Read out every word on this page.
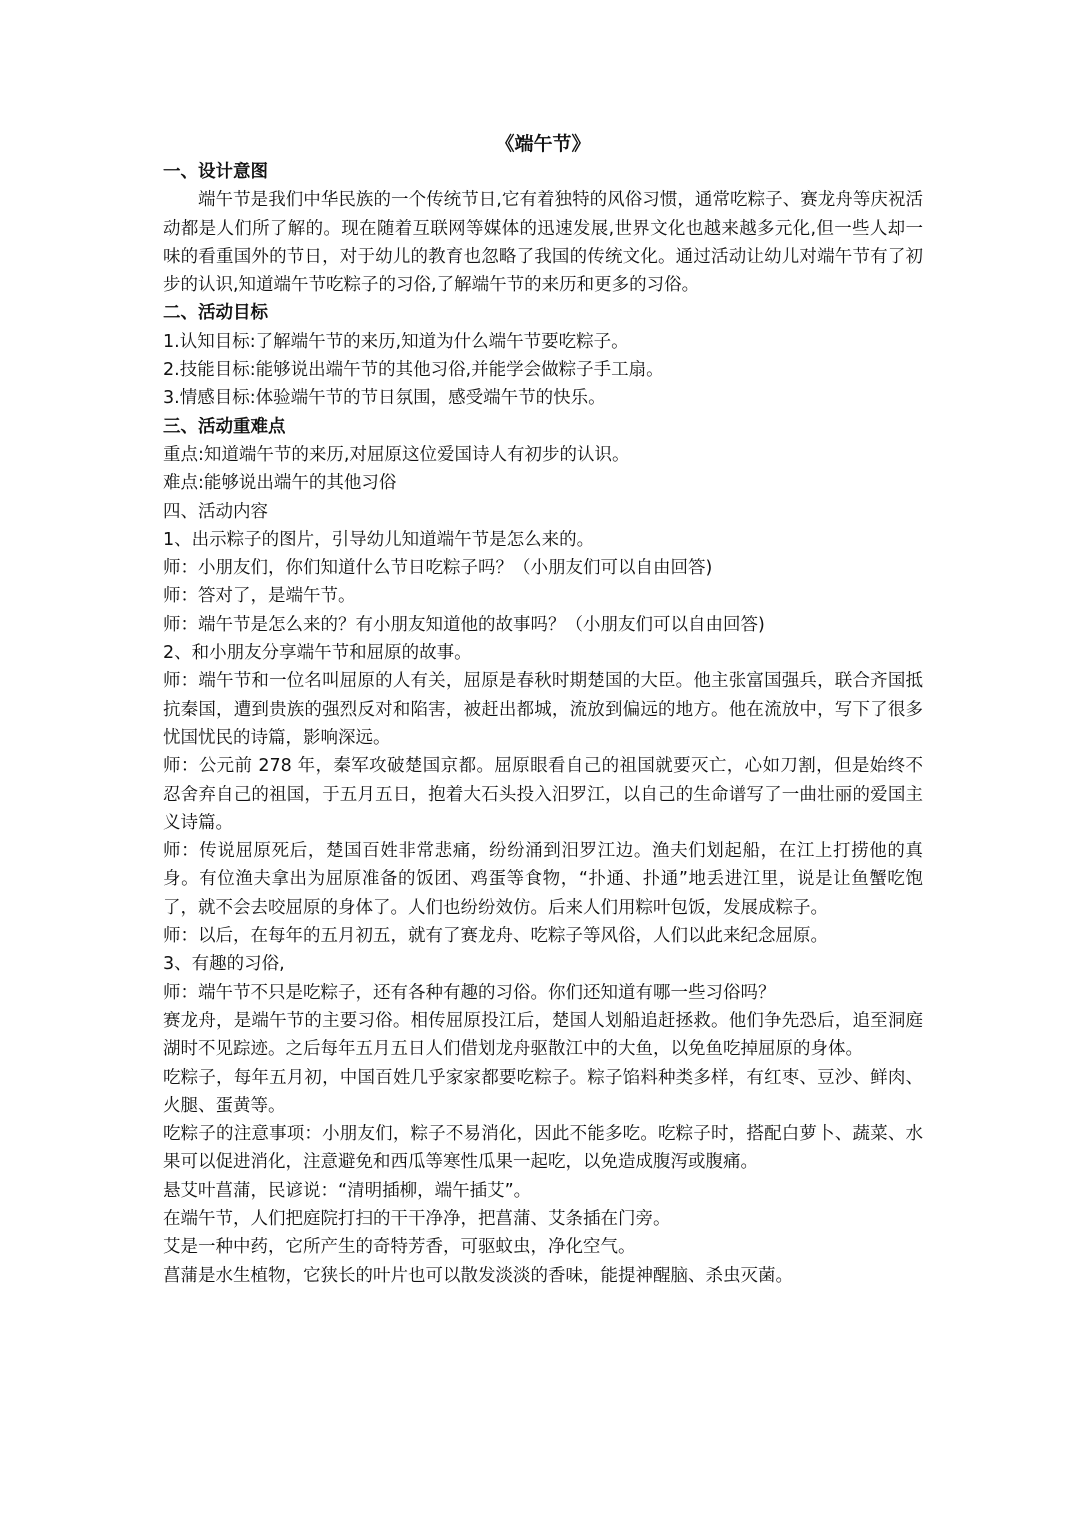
《端午节》
一、设计意图
端午节是我们中华民族的一个传统节日,它有着独特的风俗习惯，通常吃粽子、赛龙舟等庆祝活动都是人们所了解的。现在随着互联网等媒体的迅速发展,世界文化也越来越多元化,但一些人却一味的看重国外的节日，对于幼儿的教育也忽略了我国的传统文化。通过活动让幼儿对端午节有了初步的认识,知道端午节吃粽子的习俗,了解端午节的来历和更多的习俗。
二、活动目标
1.认知目标:了解端午节的来历,知道为什么端午节要吃粽子。
2.技能目标:能够说出端午节的其他习俗,并能学会做粽子手工扇。
3.情感目标:体验端午节的节日氛围，感受端午节的快乐。
三、活动重难点
重点:知道端午节的来历,对屈原这位爱国诗人有初步的认识。
难点:能够说出端午的其他习俗
四、活动内容
1、出示粽子的图片，引导幼儿知道端午节是怎么来的。
师：小朋友们，你们知道什么节日吃粽子吗？（小朋友们可以自由回答)
师：答对了，是端午节。
师：端午节是怎么来的？有小朋友知道他的故事吗？（小朋友们可以自由回答)
2、和小朋友分享端午节和屈原的故事。
师：端午节和一位名叫屈原的人有关，屈原是春秋时期楚国的大臣。他主张富国强兵，联合齐国抵抗秦国，遭到贵族的强烈反对和陷害，被赶出都城，流放到偏远的地方。他在流放中，写下了很多忧国忧民的诗篇，影响深远。
师：公元前 278 年，秦军攻破楚国京都。屈原眼看自己的祖国就要灭亡，心如刀割，但是始终不忍舍弃自己的祖国，于五月五日，抱着大石头投入汨罗江，以自己的生命谱写了一曲壮丽的爱国主义诗篇。
师：传说屈原死后，楚国百姓非常悲痛，纷纷涌到汨罗江边。渔夫们划起船，在江上打捞他的真身。有位渔夫拿出为屈原准备的饭团、鸡蛋等食物，“扑通、扑通”地丢进江里，说是让鱼蟹吃饱了，就不会去咬屈原的身体了。人们也纷纷效仿。后来人们用粽叶包饭，发展成粽子。
师：以后，在每年的五月初五，就有了赛龙舟、吃粽子等风俗，人们以此来纪念屈原。
3、有趣的习俗,
师：端午节不只是吃粽子，还有各种有趣的习俗。你们还知道有哪一些习俗吗？
赛龙舟，是端午节的主要习俗。相传屈原投江后，楚国人划船追赶拯救。他们争先恐后，追至洞庭湖时不见踪迹。之后每年五月五日人们借划龙舟驱散江中的大鱼，以免鱼吃掉屈原的身体。
吃粽子，每年五月初，中国百姓几乎家家都要吃粽子。粽子馅料种类多样，有红枣、豆沙、鲜肉、火腿、蛋黄等。
吃粽子的注意事项：小朋友们，粽子不易消化，因此不能多吃。吃粽子时，搭配白萝卜、蔬菜、水果可以促进消化，注意避免和西瓜等寒性瓜果一起吃，以免造成腹泻或腹痛。
悬艾叶菖蒲，民谚说：“清明插柳，端午插艾”。
在端午节，人们把庭院打扫的干干净净，把菖蒲、艾条插在门旁。
艾是一种中药，它所产生的奇特芳香，可驱蚊虫，净化空气。
菖蒲是水生植物，它狭长的叶片也可以散发淡淡的香味，能提神醒脑、杀虫灭菌。
